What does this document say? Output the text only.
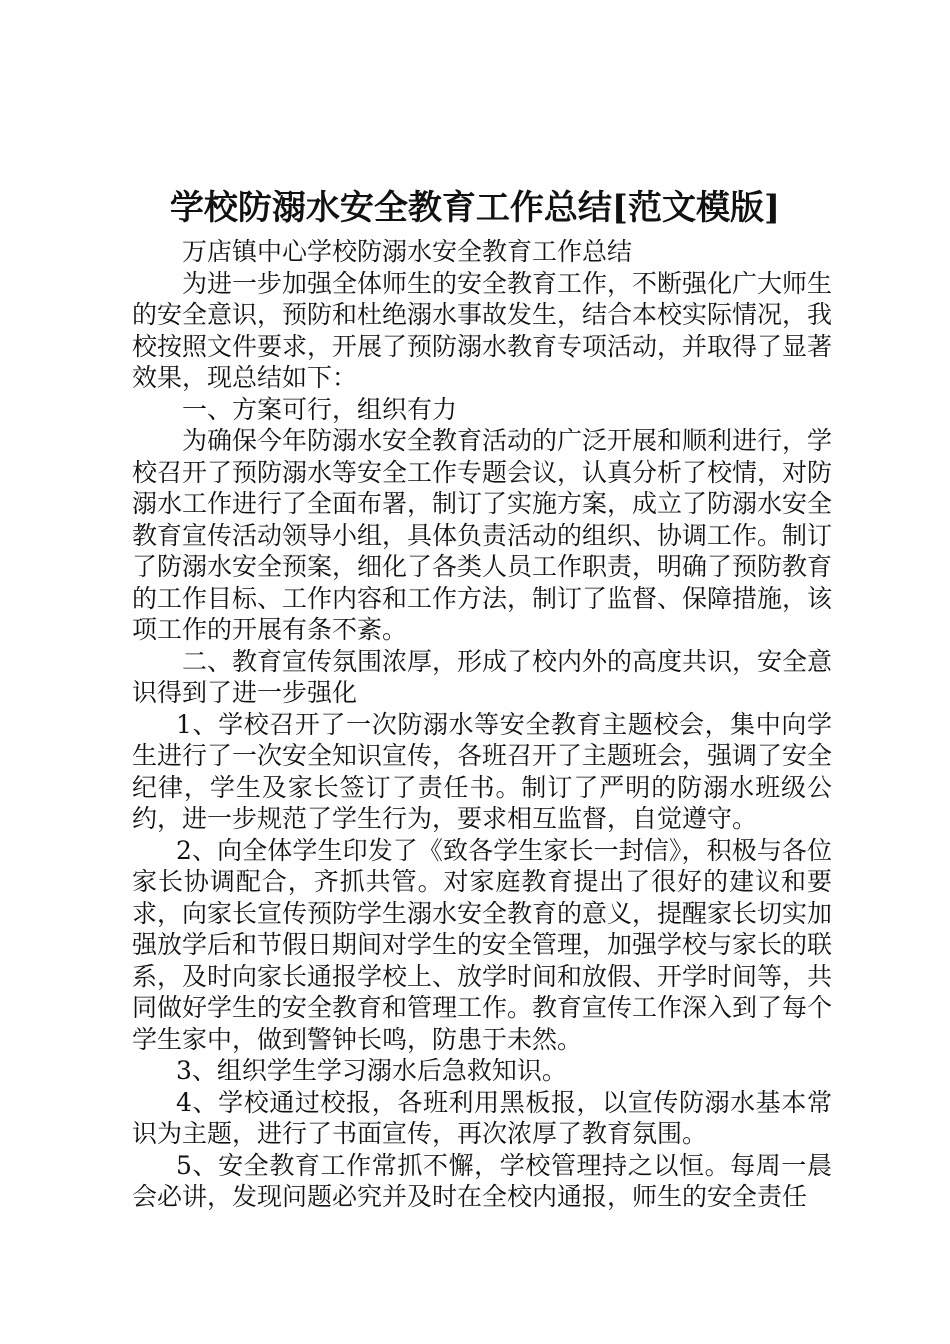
学校防溺水安全教育工作总结[范文模版]

万店镇中心学校防溺水安全教育工作总结

为进一步加强全体师生的安全教育工作，不断强化广大师生的安全意识，预防和杜绝溺水事故发生，结合本校实际情况，我校按照文件要求，开展了预防溺水教育专项活动，并取得了显著效果，现总结如下：

一、方案可行，组织有力

为确保今年防溺水安全教育活动的广泛开展和顺利进行，学校召开了预防溺水等安全工作专题会议，认真分析了校情，对防溺水工作进行了全面布署，制订了实施方案，成立了防溺水安全教育宣传活动领导小组，具体负责活动的组织、协调工作。制订了防溺水安全预案，细化了各类人员工作职责，明确了预防教育的工作目标、工作内容和工作方法，制订了监督、保障措施，该项工作的开展有条不紊。

二、教育宣传氛围浓厚，形成了校内外的高度共识，安全意识得到了进一步强化

1、学校召开了一次防溺水等安全教育主题校会，集中向学生进行了一次安全知识宣传，各班召开了主题班会，强调了安全纪律，学生及家长签订了责任书。制订了严明的防溺水班级公约，进一步规范了学生行为，要求相互监督，自觉遵守。

2、向全体学生印发了《致各学生家长一封信》，积极与各位家长协调配合，齐抓共管。对家庭教育提出了很好的建议和要求，向家长宣传预防学生溺水安全教育的意义，提醒家长切实加强放学后和节假日期间对学生的安全管理，加强学校与家长的联系，及时向家长通报学校上、放学时间和放假、开学时间等，共同做好学生的安全教育和管理工作。教育宣传工作深入到了每个学生家中，做到警钟长鸣，防患于未然。

3、组织学生学习溺水后急救知识。

4、学校通过校报，各班利用黑板报，以宣传防溺水基本常识为主题，进行了书面宣传，再次浓厚了教育氛围。

5、安全教育工作常抓不懈，学校管理持之以恒。每周一晨会必讲，发现问题必究并及时在全校内通报，师生的安全责任
